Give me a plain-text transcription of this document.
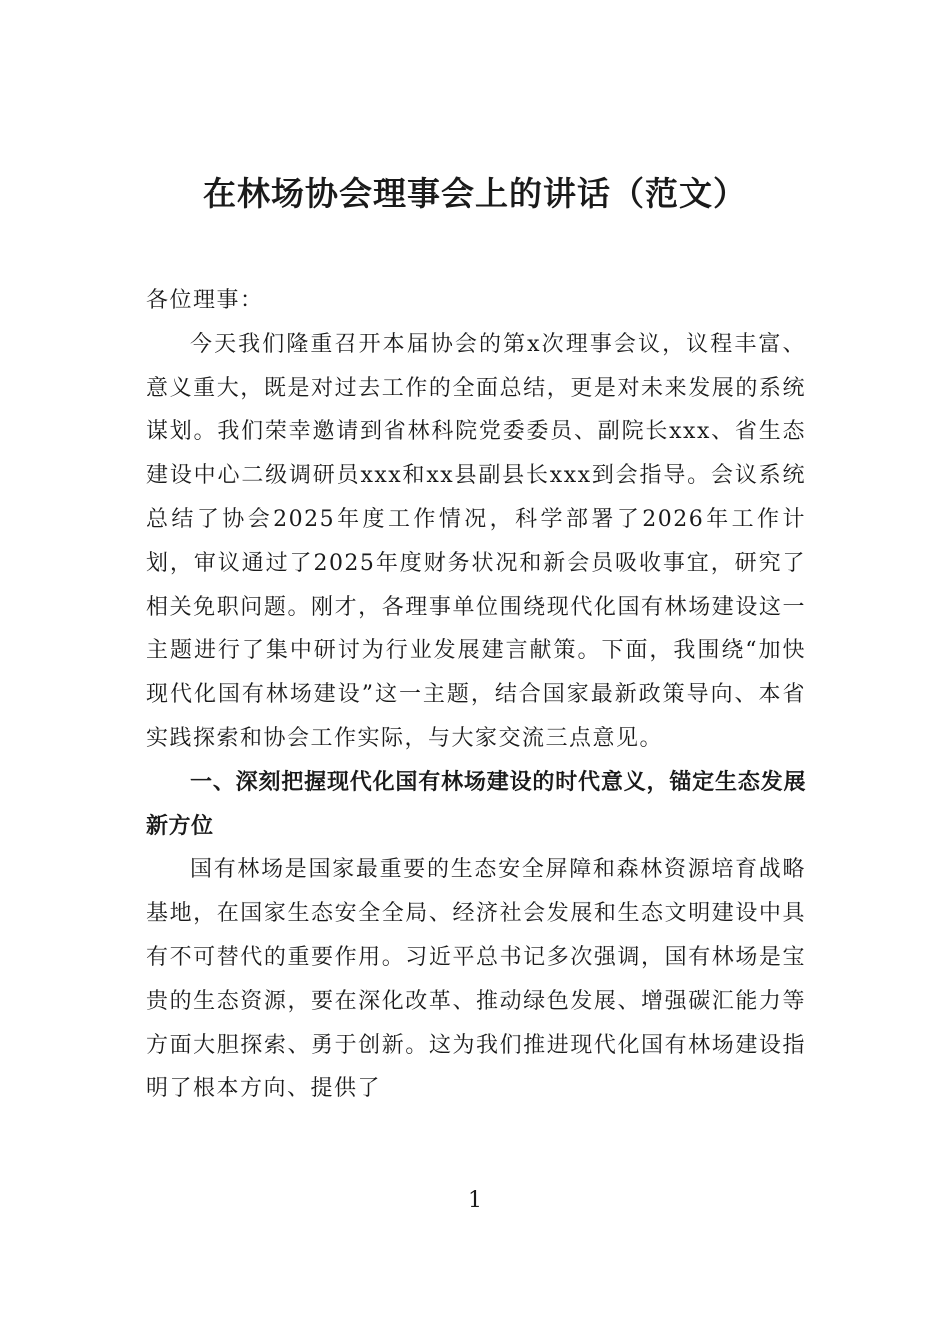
在林场协会理事会上的讲话（范文）

各位理事：

今天我们隆重召开本届协会的第x次理事会议，议程丰富、意义重大，既是对过去工作的全面总结，更是对未来发展的系统谋划。我们荣幸邀请到省林科院党委委员、副院长xxx、省生态建设中心二级调研员xxx和xx县副县长xxx到会指导。会议系统总结了协会2025年度工作情况，科学部署了2026年工作计划，审议通过了2025年度财务状况和新会员吸收事宜，研究了相关免职问题。刚才，各理事单位围绕现代化国有林场建设这一主题进行了集中研讨为行业发展建言献策。下面，我围绕“加快现代化国有林场建设”这一主题，结合国家最新政策导向、本省实践探索和协会工作实际，与大家交流三点意见。

一、深刻把握现代化国有林场建设的时代意义，锚定生态发展新方位

国有林场是国家最重要的生态安全屏障和森林资源培育战略基地，在国家生态安全全局、经济社会发展和生态文明建设中具有不可替代的重要作用。习近平总书记多次强调，国有林场是宝贵的生态资源，要在深化改革、推动绿色发展、增强碳汇能力等方面大胆探索、勇于创新。这为我们推进现代化国有林场建设指明了根本方向、提供了

1
